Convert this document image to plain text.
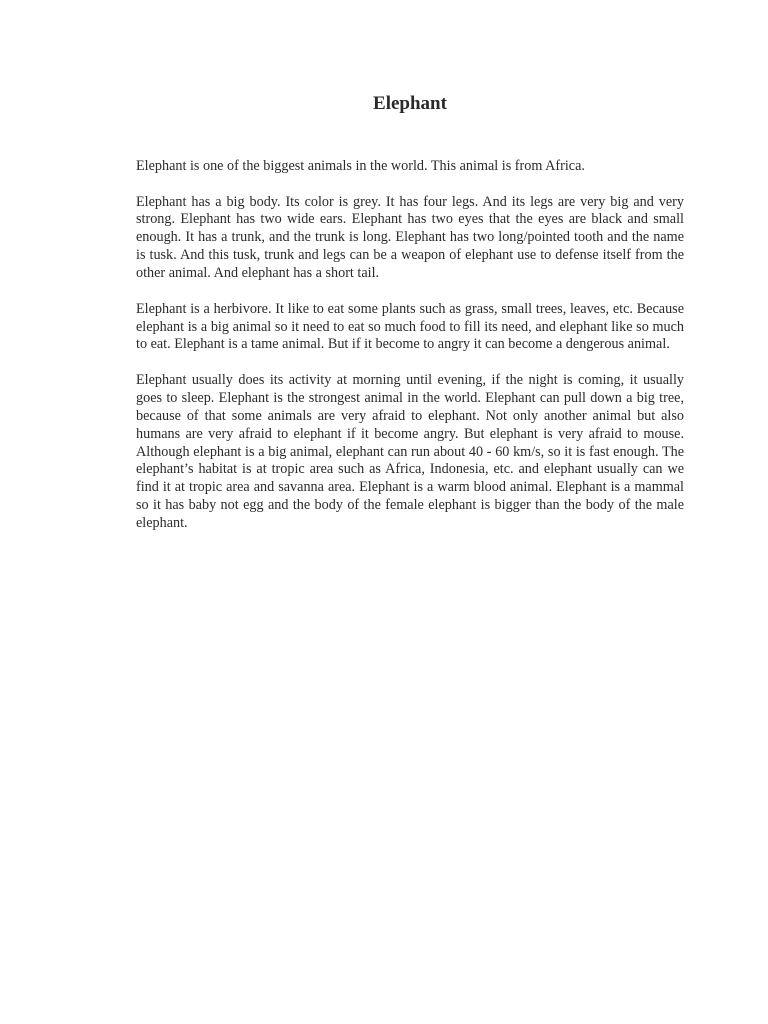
Elephant

Elephant is one of the biggest animals in the world. This animal is from Africa.

Elephant has a big body. Its color is grey. It has four legs. And its legs are very big and very strong. Elephant has two wide ears. Elephant has two eyes that the eyes are black and small enough. It has a trunk, and the trunk is long. Elephant has two long/pointed tooth and the name is tusk. And this tusk, trunk and legs can be a weapon of elephant use to defense itself from the other animal. And elephant has a short tail.

Elephant is a herbivore. It like to eat some plants such as grass, small trees, leaves, etc. Because elephant is a big animal so it need to eat so much food to fill its need, and elephant like so much to eat. Elephant is a tame animal. But if it become to angry it can become a dengerous animal.

Elephant usually does its activity at morning until evening, if the night is coming, it usually goes to sleep. Elephant is the strongest animal in the world. Elephant can pull down a big tree, because of that some animals are very afraid to elephant. Not only another animal but also humans are very afraid to elephant if it become angry. But elephant is very afraid to mouse. Although elephant is a big animal, elephant can run about 40 - 60 km/s, so it is fast enough. The elephant’s habitat is at tropic area such as Africa, Indonesia, etc. and elephant usually can we find it at tropic area and savanna area. Elephant is a warm blood animal. Elephant is a mammal so it has baby not egg and the body of the female elephant is bigger than the body of the male elephant.
